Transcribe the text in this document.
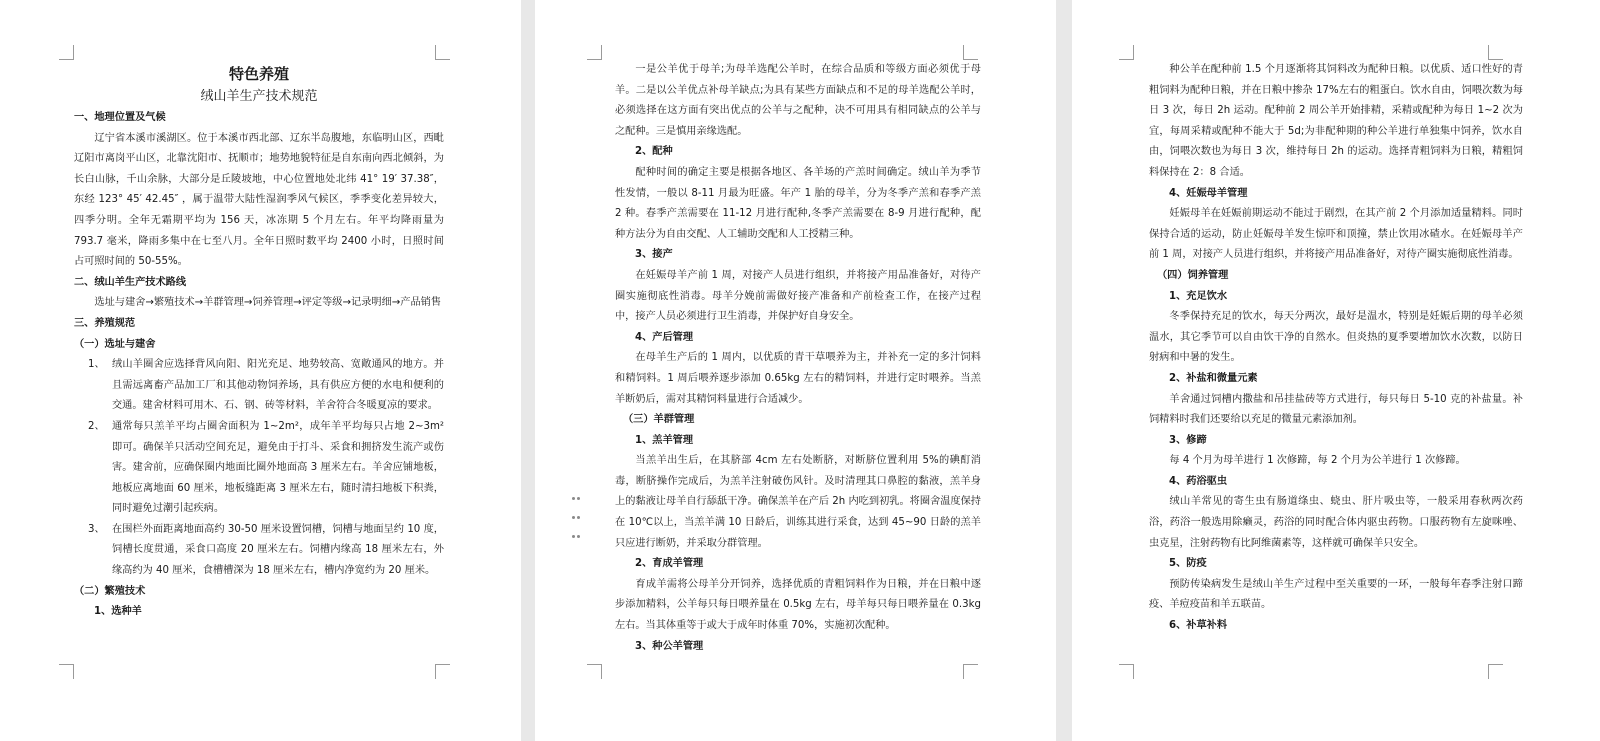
特色养殖

绒山羊生产技术规范

一、地理位置及气候

辽宁省本溪市溪湖区。位于本溪市西北部、辽东半岛腹地，东临明山区，西毗辽阳市离岗平山区，北靠沈阳市、抚顺市；地势地貌特征是自东南向西北倾斜，为长白山脉，千山余脉，大部分是丘陵坡地，中心位置地处北纬 41° 19′ 37.38″，东经 123° 45′ 42.45″ ，属于温带大陆性湿润季风气候区，季季变化差异较大，四季分明。全年无霜期平均为 156 天，冰冻期 5 个月左右。年平均降雨量为 793.7 毫米，降雨多集中在七至八月。全年日照时数平均 2400 小时，日照时间占可照时间的 50-55%。

二、绒山羊生产技术路线

选址与建舍→繁殖技术→羊群管理→饲养管理→评定等级→记录明细→产品销售

三、养殖规范

（一）选址与建舍

1、 绒山羊圈舍应选择背风向阳、阳光充足、地势较高、宽敞通风的地方。并且需远离畜产品加工厂和其他动物饲养场，具有供应方便的水电和便利的交通。建舍材料可用木、石、钢、砖等材料，羊舍符合冬暖夏凉的要求。
2、 通常每只羔羊平均占圈舍面积为 1~2m²，成年羊平均每只占地 2~3m² 即可。确保羊只活动空间充足，避免由于打斗、采食和拥挤发生流产或伤害。建舍前，应确保圈内地面比圈外地面高 3 厘米左右。羊舍应铺地板，地板应离地面 60 厘米，地板缝距离 3 厘米左右，随时清扫地板下积粪，同时避免过潮引起疾病。
3、 在围栏外面距离地面高约 30-50 厘米设置饲槽，饲槽与地面呈约 10 度，饲槽长度贯通，采食口高度 20 厘米左右。饲槽内缘高 18 厘米左右，外缘高约为 40 厘米，食槽槽深为 18 厘米左右，槽内净宽约为 20 厘米。

（二）繁殖技术

1、选种羊

一是公羊优于母羊;为母羊选配公羊时，在综合品质和等级方面必须优于母羊。二是以公羊优点补母羊缺点;为具有某些方面缺点和不足的母羊选配公羊时，必须选择在这方面有突出优点的公羊与之配种，决不可用具有相同缺点的公羊与之配种。三是慎用亲缘选配。

2、配种

配种时间的确定主要是根据各地区、各羊场的产羔时间确定。绒山羊为季节性发情，一般以 8-11 月最为旺盛。年产 1 胎的母羊，分为冬季产羔和春季产羔 2 种。春季产羔需要在 11-12 月进行配种,冬季产羔需要在 8-9 月进行配种，配种方法分为自由交配、人工辅助交配和人工授精三种。

3、接产

在妊娠母羊产前 1 周，对接产人员进行组织，并将接产用品准备好，对待产圈实施彻底性消毒。母羊分娩前需做好接产准备和产前检查工作，在接产过程中，接产人员必须进行卫生消毒，并保护好自身安全。

4、产后管理

在母羊生产后的 1 周内，以优质的青干草喂养为主，并补充一定的多汁饲料和精饲料。1 周后喂养逐步添加 0.65kg 左右的精饲料，并进行定时喂养。当羔羊断奶后，需对其精饲料量进行合适减少。

（三）羊群管理

1、羔羊管理

当羔羊出生后，在其脐部 4cm 左右处断脐，对断脐位置利用 5%的碘酊消毒，断脐操作完成后，为羔羊注射破伤风针。及时清理其口鼻腔的黏液，羔羊身上的黏液让母羊自行舔舐干净。确保羔羊在产后 2h 内吃到初乳。将圈舍温度保持在 10℃以上，当羔羊满 10 日龄后，训练其进行采食，达到 45~90 日龄的羔羊只应进行断奶，并采取分群管理。

2、育成羊管理

育成羊需将公母羊分开饲养，选择优质的青粗饲料作为日粮，并在日粮中逐步添加精料，公羊每只每日喂养量在 0.5kg 左右，母羊每只每日喂养量在 0.3kg 左右。当其体重等于或大于成年时体重 70%，实施初次配种。

3、种公羊管理

种公羊在配种前 1.5 个月逐渐将其饲料改为配种日粮。以优质、适口性好的青粗饲料为配种日粮，并在日粮中掺杂 17%左右的粗蛋白。饮水自由，饲喂次数为每日 3 次，每日 2h 运动。配种前 2 周公羊开始排精，采精或配种为每日 1~2 次为宜，每周采精或配种不能大于 5d;为非配种期的种公羊进行单独集中饲养，饮水自由，饲喂次数也为每日 3 次，维持每日 2h 的运动。选择青粗饲料为日粮，精粗饲料保持在 2：8 合适。

4、妊娠母羊管理

妊娠母羊在妊娠前期运动不能过于剧烈，在其产前 2 个月添加适量精料。同时保持合适的运动，防止妊娠母羊发生惊吓和顶撞，禁止饮用冰碴水。在妊娠母羊产前 1 周，对接产人员进行组织，并将接产用品准备好，对待产圈实施彻底性消毒。

（四）饲养管理

1、充足饮水

冬季保持充足的饮水，每天分两次，最好是温水，特别是妊娠后期的母羊必须温水，其它季节可以自由饮干净的自然水。但炎热的夏季要增加饮水次数，以防日射病和中暑的发生。

2、补盐和微量元素

羊舍通过饲槽内撒盐和吊挂盐砖等方式进行，每只每日 5-10 克的补盐量。补饲精料时我们还要给以充足的微量元素添加剂。

3、修蹄

每 4 个月为母羊进行 1 次修蹄，每 2 个月为公羊进行 1 次修蹄。

4、药浴驱虫

绒山羊常见的寄生虫有肠道绦虫、蛲虫、肝片吸虫等，一般采用春秋两次药浴，药浴一般选用除癞灵，药浴的同时配合体内驱虫药物。口服药物有左旋咪唑、虫克星，注射药物有比阿维菌素等，这样就可确保羊只安全。

5、防疫

预防传染病发生是绒山羊生产过程中至关重要的一环，一般每年春季注射口蹄疫、羊痘疫苗和羊五联苗。

6、补草补料
